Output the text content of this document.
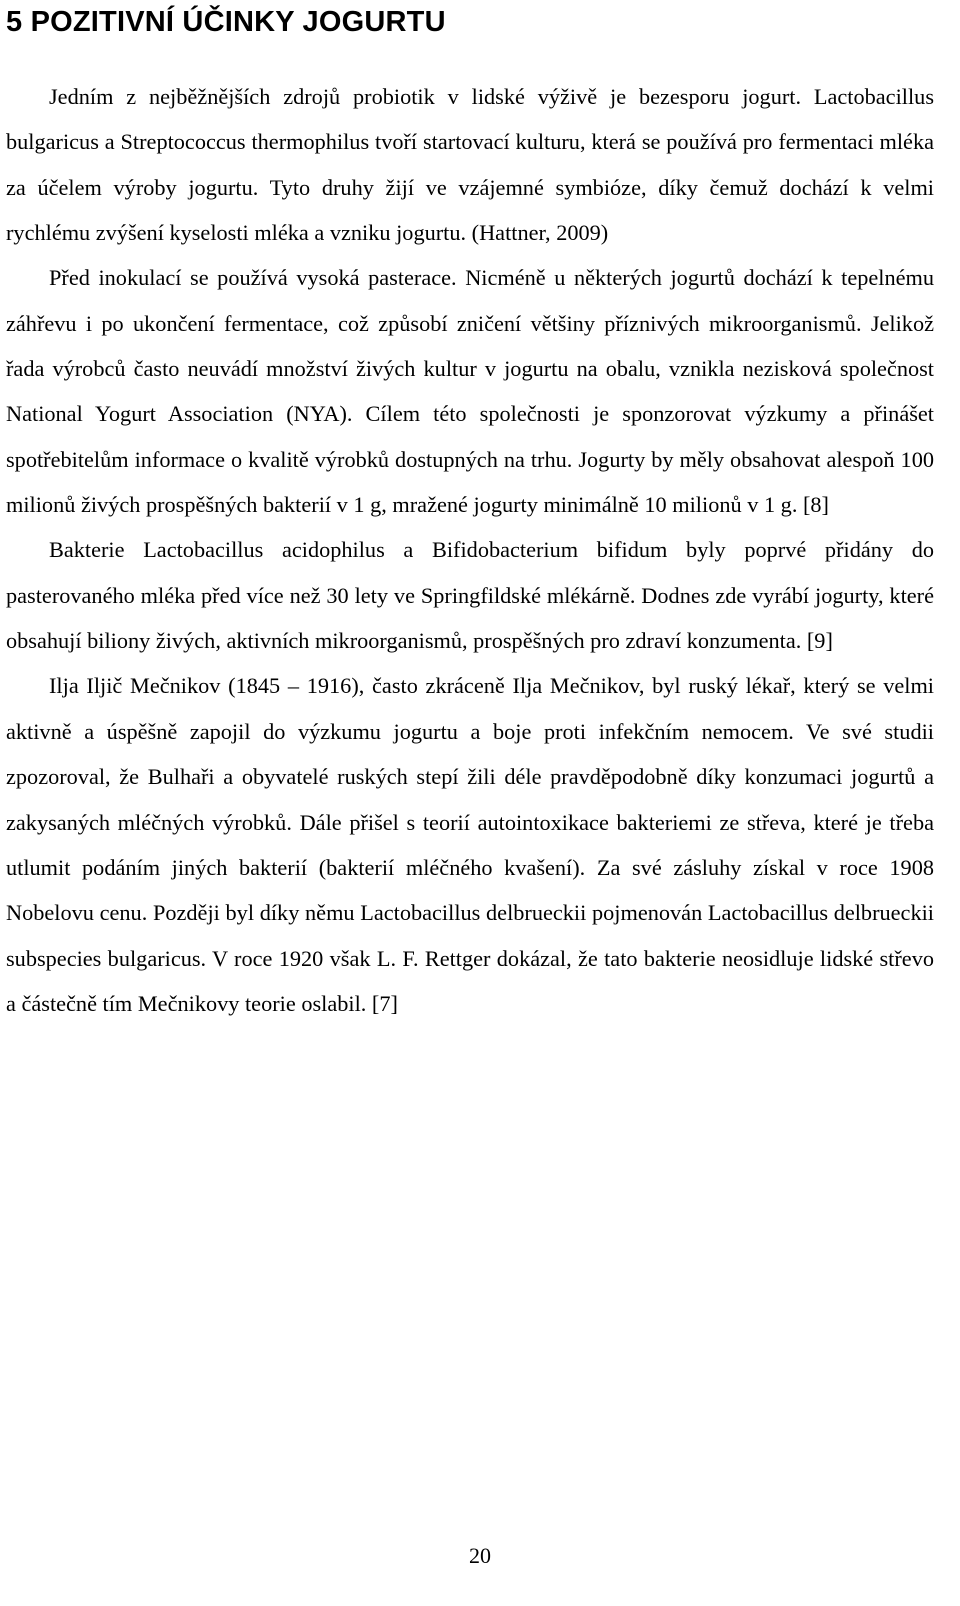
5 POZITIVNÍ ÚČINKY JOGURTU

Jedním z nejběžnějších zdrojů probiotik v lidské výživě je bezesporu jogurt. Lactobacillus bulgaricus a Streptococcus thermophilus tvoří startovací kulturu, která se používá pro fermentaci mléka za účelem výroby jogurtu. Tyto druhy žijí ve vzájemné symbióze, díky čemuž dochází k velmi rychlému zvýšení kyselosti mléka a vzniku jogurtu. (Hattner, 2009)

Před inokulací se používá vysoká pasterace. Nicméně u některých jogurtů dochází k tepelnému záhřevu i po ukončení fermentace, což způsobí zničení většiny příznivých mikroorganismů. Jelikož řada výrobců často neuvádí množství živých kultur v jogurtu na obalu, vznikla nezisková společnost National Yogurt Association (NYA). Cílem této společnosti je sponzorovat výzkumy a přinášet spotřebitelům informace o kvalitě výrobků dostupných na trhu. Jogurty by měly obsahovat alespoň 100 milionů živých prospěšných bakterií v 1 g, mražené jogurty minimálně 10 milionů v 1 g. [8]

Bakterie Lactobacillus acidophilus a Bifidobacterium bifidum byly poprvé přidány do pasterovaného mléka před více než 30 lety ve Springfildské mlékárně. Dodnes zde vyrábí jogurty, které obsahují biliony živých, aktivních mikroorganismů, prospěšných pro zdraví konzumenta. [9]

Ilja Iljič Mečnikov (1845 – 1916), často zkráceně Ilja Mečnikov, byl ruský lékař, který se velmi aktivně a úspěšně zapojil do výzkumu jogurtu a boje proti infekčním nemocem. Ve své studii zpozoroval, že Bulhaři a obyvatelé ruských stepí žili déle pravděpodobně díky konzumaci jogurtů a zakysaných mléčných výrobků. Dále přišel s teorií autointoxikace bakteriemi ze střeva, které je třeba utlumit podáním jiných bakterií (bakterií mléčného kvašení). Za své zásluhy získal v roce 1908 Nobelovu cenu. Později byl díky němu Lactobacillus delbrueckii pojmenován Lactobacillus delbrueckii subspecies bulgaricus. V roce 1920 však L. F. Rettger dokázal, že tato bakterie neosidluje lidské střevo a částečně tím Mečnikovy teorie oslabil. [7]

20
